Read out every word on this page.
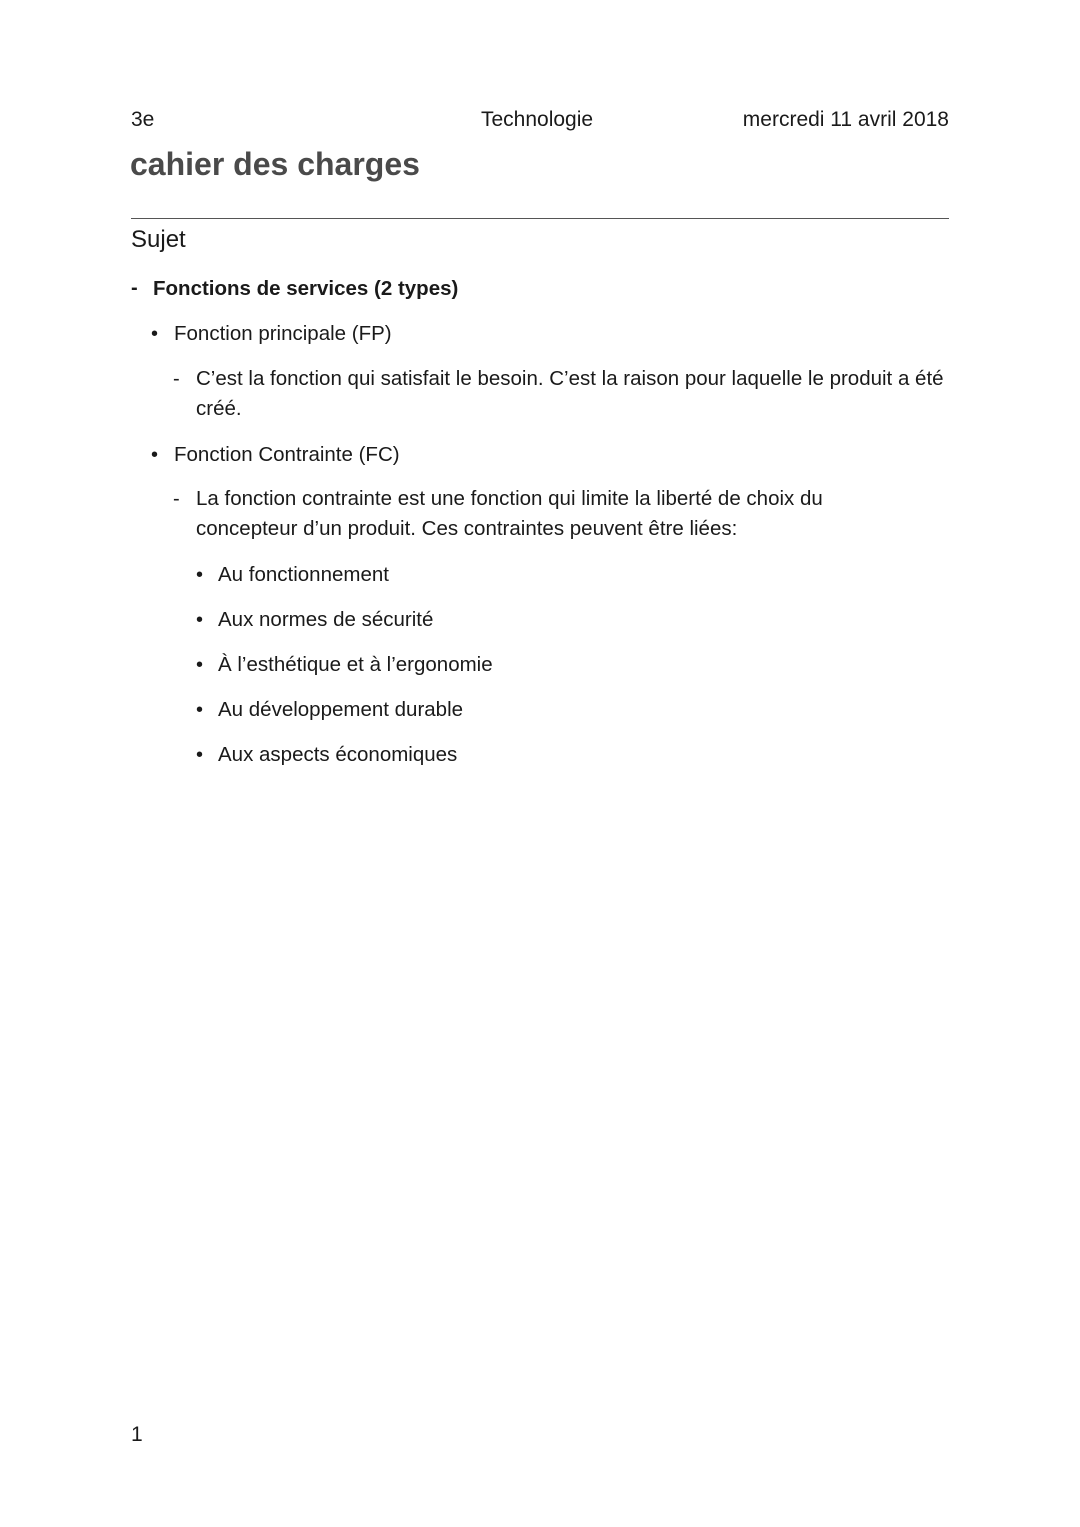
3e	Technologie	mercredi 11 avril 2018
cahier des charges
Sujet
- Fonctions de services (2 types)
• Fonction principale (FP)
- C’est la fonction qui satisfait le besoin. C’est la raison pour laquelle le produit a été créé.
• Fonction Contrainte (FC)
- La fonction contrainte est une fonction qui limite la liberté de choix du concepteur d’un produit. Ces contraintes peuvent être liées:
• Au fonctionnement
• Aux normes de sécurité
• À l’esthétique et à l’ergonomie
• Au développement durable
• Aux aspects économiques
1
